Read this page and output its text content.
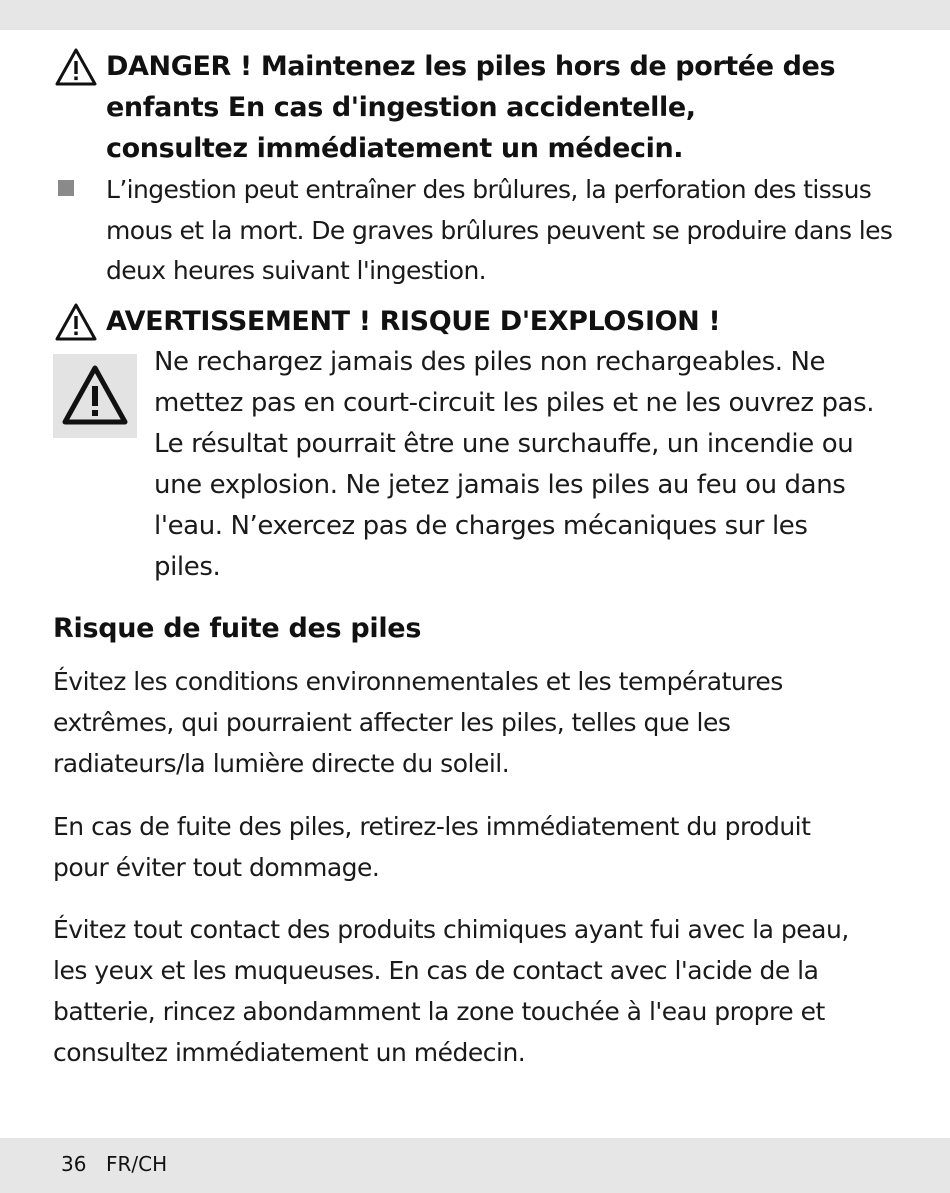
DANGER ! Maintenez les piles hors de portée des enfants En cas d'ingestion accidentelle, consultez immédiatement un médecin.
L’ingestion peut entraîner des brûlures, la perforation des tissus mous et la mort. De graves brûlures peuvent se produire dans les deux heures suivant l'ingestion.
AVERTISSEMENT ! RISQUE D'EXPLOSION !
Ne rechargez jamais des piles non rechargeables. Ne mettez pas en court-circuit les piles et ne les ouvrez pas. Le résultat pourrait être une surchauffe, un incendie ou une explosion. Ne jetez jamais les piles au feu ou dans l'eau. N’exercez pas de charges mécaniques sur les piles.
Risque de fuite des piles
Évitez les conditions environnementales et les températures extrêmes, qui pourraient affecter les piles, telles que les radiateurs/la lumière directe du soleil.
En cas de fuite des piles, retirez-les immédiatement du produit pour éviter tout dommage.
Évitez tout contact des produits chimiques ayant fui avec la peau, les yeux et les muqueuses. En cas de contact avec l'acide de la batterie, rincez abondamment la zone touchée à l'eau propre et consultez immédiatement un médecin.
36 FR/CH
